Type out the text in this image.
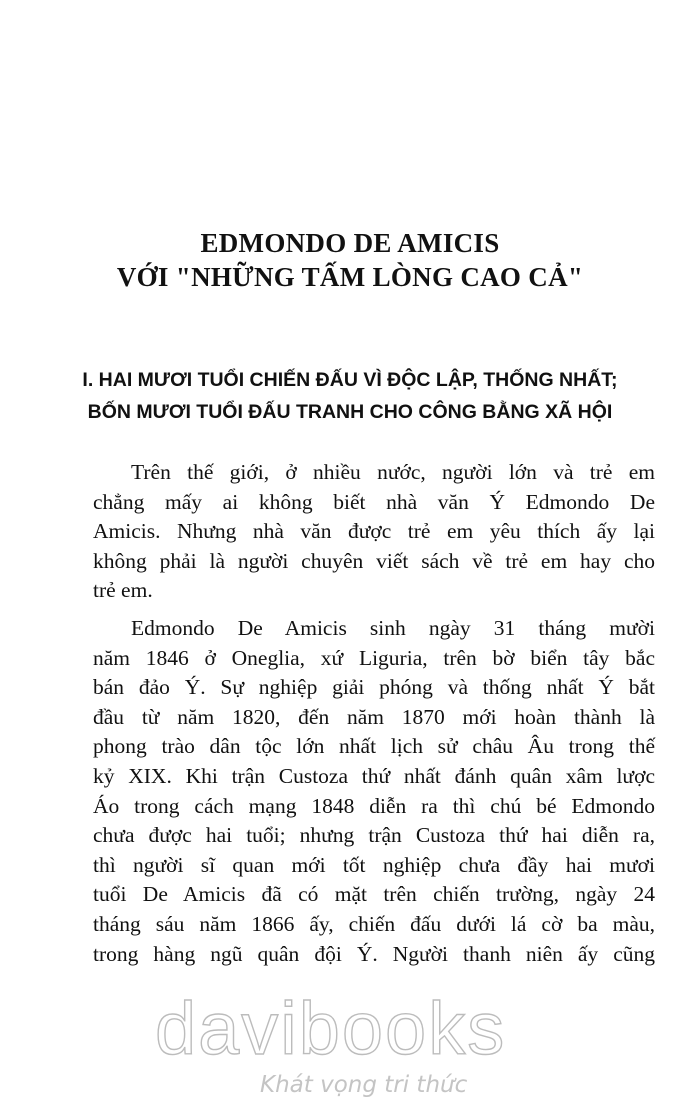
EDMONDO DE AMICIS
VỚI "NHỮNG TẤM LÒNG CAO CẢ"
I. HAI MƯƠI TUỔI CHIẾN ĐẤU VÌ ĐỘC LẬP, THỐNG NHẤT;
BỐN MƯƠI TUỔI ĐẤU TRANH CHO CÔNG BẰNG XÃ HỘI
Trên thế giới, ở nhiều nước, người lớn và trẻ em
chẳng mấy ai không biết nhà văn Ý Edmondo De
Amicis. Nhưng nhà văn được trẻ em yêu thích ấy lại
không phải là người chuyên viết sách về trẻ em hay cho
trẻ em.
Edmondo De Amicis sinh ngày 31 tháng mười
năm 1846 ở Oneglia, xứ Liguria, trên bờ biển tây bắc
bán đảo Ý. Sự nghiệp giải phóng và thống nhất Ý bắt
đầu từ năm 1820, đến năm 1870 mới hoàn thành là
phong trào dân tộc lớn nhất lịch sử châu Âu trong thế
kỷ XIX. Khi trận Custoza thứ nhất đánh quân xâm lược
Áo trong cách mạng 1848 diễn ra thì chú bé Edmondo
chưa được hai tuổi; nhưng trận Custoza thứ hai diễn ra,
thì người sĩ quan mới tốt nghiệp chưa đầy hai mươi
tuổi De Amicis đã có mặt trên chiến trường, ngày 24
tháng sáu năm 1866 ấy, chiến đấu dưới lá cờ ba màu,
trong hàng ngũ quân đội Ý. Người thanh niên ấy cũng
davibooks
Khát vọng tri thức
